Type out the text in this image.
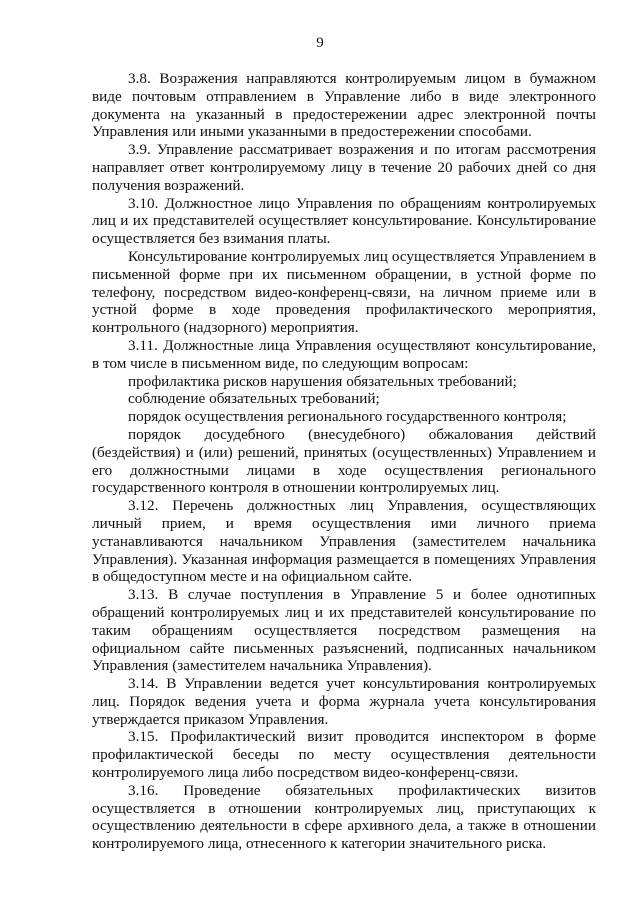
9

3.8. Возражения направляются контролируемым лицом в бумажном виде почтовым отправлением в Управление либо в виде электронного документа на указанный в предостережении адрес электронной почты Управления или иными указанными в предостережении способами.

3.9. Управление рассматривает возражения и по итогам рассмотрения направляет ответ контролируемому лицу в течение 20 рабочих дней со дня получения возражений.

3.10. Должностное лицо Управления по обращениям контролируемых лиц и их представителей осуществляет консультирование. Консультирование осуществляется без взимания платы.

Консультирование контролируемых лиц осуществляется Управлением в письменной форме при их письменном обращении, в устной форме по телефону, посредством видео-конференц-связи, на личном приеме или в устной форме в ходе проведения профилактического мероприятия, контрольного (надзорного) мероприятия.

3.11. Должностные лица Управления осуществляют консультирование, в том числе в письменном виде, по следующим вопросам:

профилактика рисков нарушения обязательных требований;

соблюдение обязательных требований;

порядок осуществления регионального государственного контроля;

порядок досудебного (внесудебного) обжалования действий (бездействия) и (или) решений, принятых (осуществленных) Управлением и его должностными лицами в ходе осуществления регионального государственного контроля в отношении контролируемых лиц.

3.12. Перечень должностных лиц Управления, осуществляющих личный прием, и время осуществления ими личного приема устанавливаются начальником Управления (заместителем начальника Управления). Указанная информация размещается в помещениях Управления в общедоступном месте и на официальном сайте.

3.13. В случае поступления в Управление 5 и более однотипных обращений контролируемых лиц и их представителей консультирование по таким обращениям осуществляется посредством размещения на официальном сайте письменных разъяснений, подписанных начальником Управления (заместителем начальника Управления).

3.14. В Управлении ведется учет консультирования контролируемых лиц. Порядок ведения учета и форма журнала учета консультирования утверждается приказом Управления.

3.15. Профилактический визит проводится инспектором в форме профилактической беседы по месту осуществления деятельности контролируемого лица либо посредством видео-конференц-связи.

3.16. Проведение обязательных профилактических визитов осуществляется в отношении контролируемых лиц, приступающих к осуществлению деятельности в сфере архивного дела, а также в отношении контролируемого лица, отнесенного к категории значительного риска.
